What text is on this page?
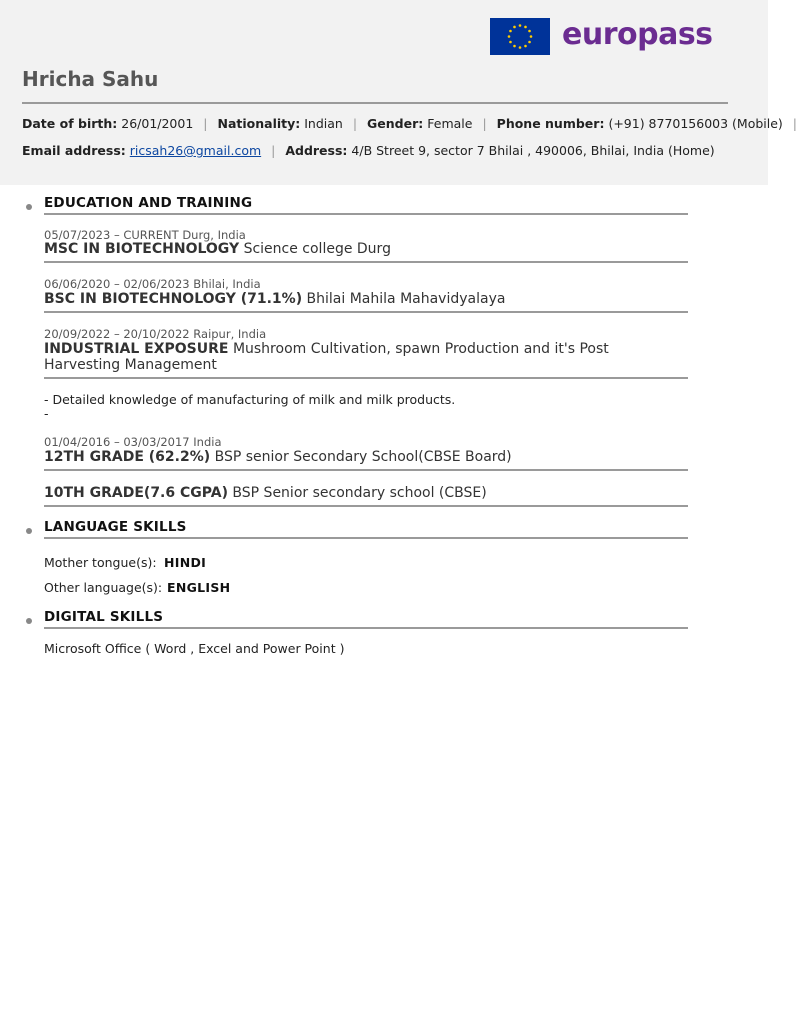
europass
Hricha Sahu
Date of birth: 26/01/2001 | Nationality: Indian | Gender: Female | Phone number: (+91) 8770156003 (Mobile) |
Email address: ricsah26@gmail.com | Address: 4/B Street 9, sector 7 Bhilai , 490006, Bhilai, India (Home)
EDUCATION AND TRAINING
05/07/2023 – CURRENT Durg, India
MSC IN BIOTECHNOLOGY Science college Durg
06/06/2020 – 02/06/2023 Bhilai, India
BSC IN BIOTECHNOLOGY (71.1%) Bhilai Mahila Mahavidyalaya
20/09/2022 – 20/10/2022 Raipur, India
INDUSTRIAL EXPOSURE Mushroom Cultivation, spawn Production and it's Post Harvesting Management
- Detailed knowledge of manufacturing of milk and milk products.
-
01/04/2016 – 03/03/2017 India
12TH GRADE (62.2%) BSP senior Secondary School(CBSE Board)
10TH GRADE(7.6 CGPA) BSP Senior secondary school (CBSE)
LANGUAGE SKILLS
Mother tongue(s): HINDI
Other language(s): ENGLISH
DIGITAL SKILLS
Microsoft Office ( Word , Excel and Power Point )
